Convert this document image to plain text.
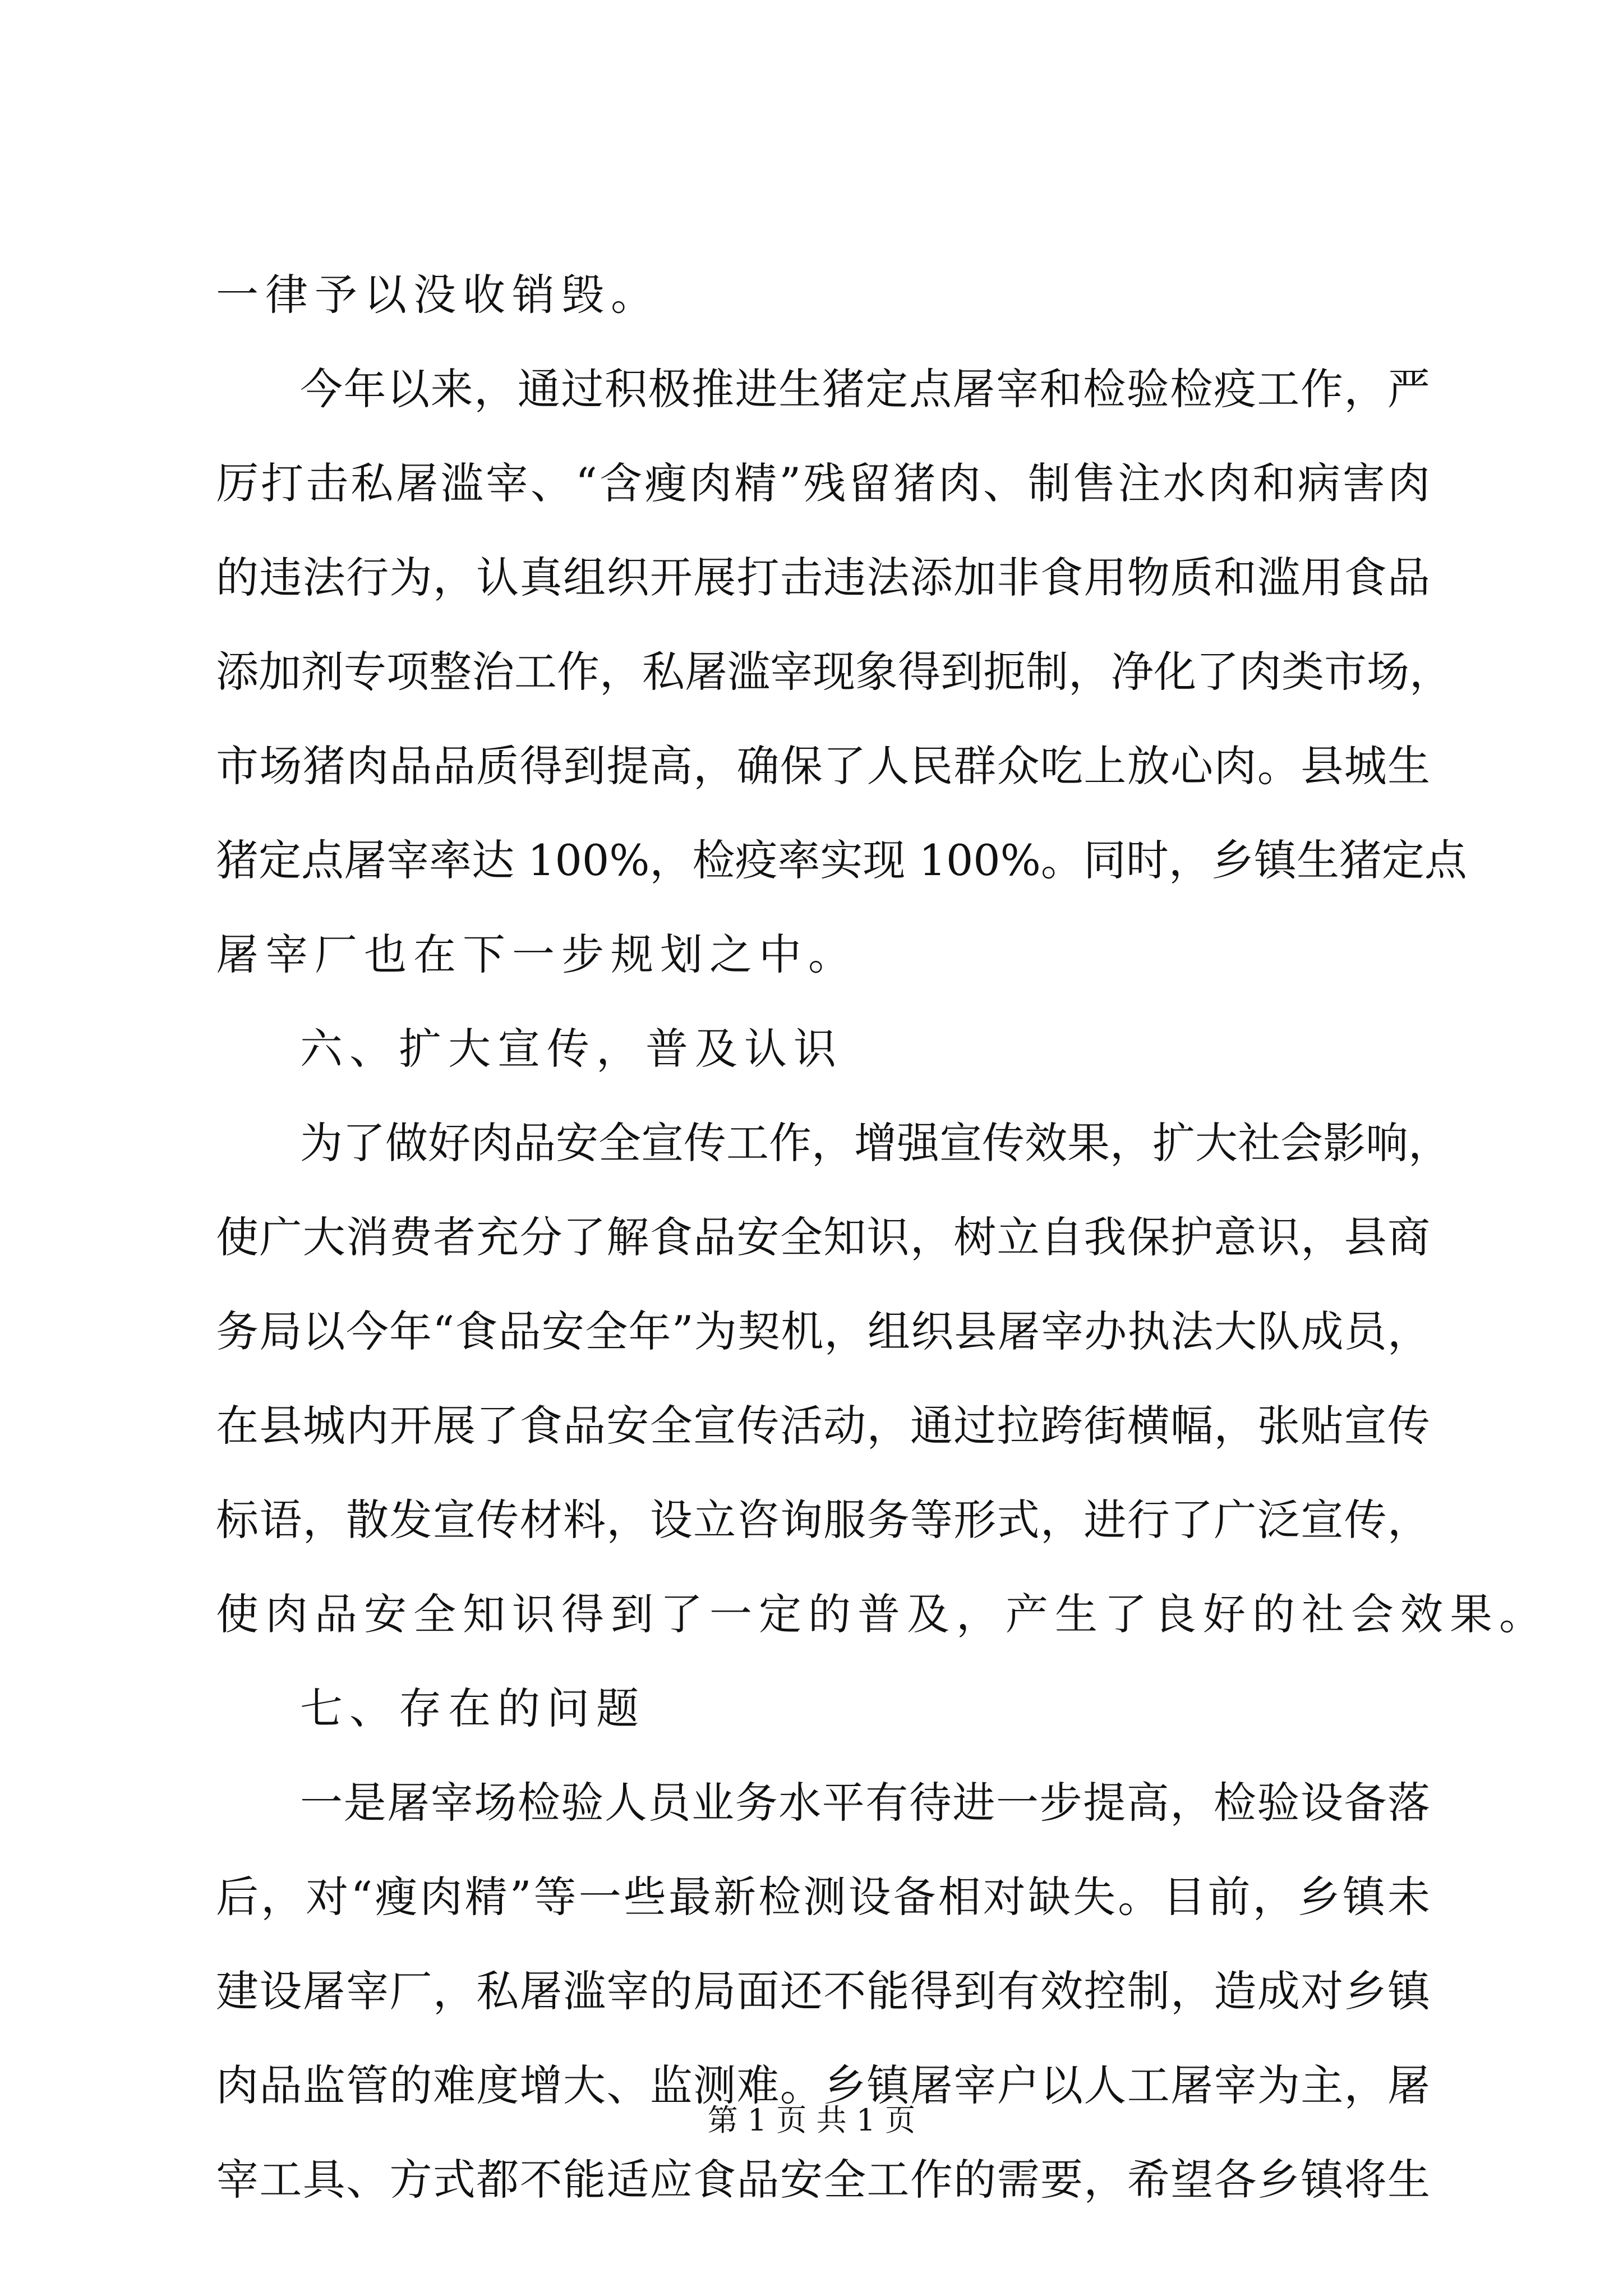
一律予以没收销毁。
今年以来，通过积极推进生猪定点屠宰和检验检疫工作，严
厉打击私屠滥宰、“含瘦肉精”残留猪肉、制售注水肉和病害肉
的违法行为，认真组织开展打击违法添加非食用物质和滥用食品
添加剂专项整治工作，私屠滥宰现象得到扼制，净化了肉类市场，
市场猪肉品品质得到提高，确保了人民群众吃上放心肉。县城生
猪定点屠宰率达 100%，检疫率实现 100%。同时，乡镇生猪定点
屠宰厂也在下一步规划之中。
六、扩大宣传，普及认识
为了做好肉品安全宣传工作，增强宣传效果，扩大社会影响，
使广大消费者充分了解食品安全知识，树立自我保护意识，县商
务局以今年“食品安全年”为契机，组织县屠宰办执法大队成员，
在县城内开展了食品安全宣传活动，通过拉跨街横幅，张贴宣传
标语，散发宣传材料，设立咨询服务等形式，进行了广泛宣传，
使肉品安全知识得到了一定的普及，产生了良好的社会效果。
七、存在的问题
一是屠宰场检验人员业务水平有待进一步提高，检验设备落
后，对“瘦肉精”等一些最新检测设备相对缺失。目前，乡镇未
建设屠宰厂，私屠滥宰的局面还不能得到有效控制，造成对乡镇
肉品监管的难度增大、监测难。乡镇屠宰户以人工屠宰为主，屠
宰工具、方式都不能适应食品安全工作的需要，希望各乡镇将生
第 1 页 共 1 页
